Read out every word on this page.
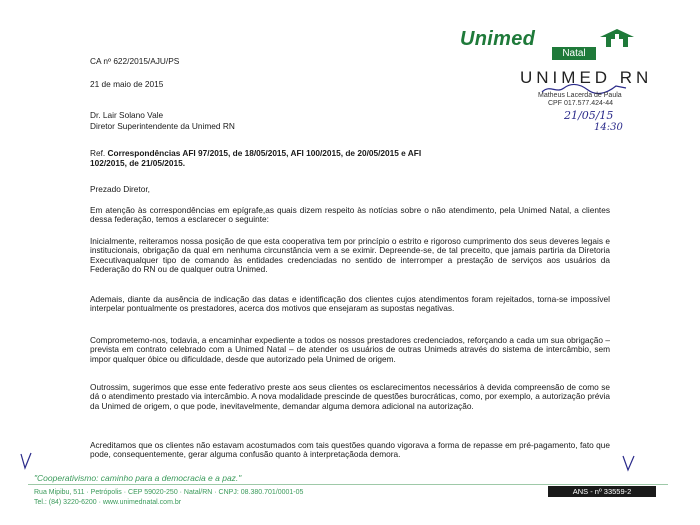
Unimed
Natal
UNIMED RN
Matheus Lacerda de Paula
CPF 017.577.424-44
21/05/15
14:30
CA nº 622/2015/AJU/PS
21 de maio de 2015
Dr. Lair Solano Vale
Diretor Superintendente da Unimed RN
Ref. Correspondências AFI 97/2015, de 18/05/2015, AFI 100/2015, de 20/05/2015 e AFI
102/2015, de 21/05/2015.
Prezado Diretor,
Em atenção às correspondências em epígrafe,as quais dizem respeito às notícias sobre o não atendimento, pela Unimed Natal, a clientes dessa federação, temos a esclarecer o seguinte:
Inicialmente, reiteramos nossa posição de que esta cooperativa tem por princípio o estrito e rigoroso cumprimento dos seus deveres legais e institucionais, obrigação da qual em nenhuma circunstância vem a se eximir. Depreende-se, de tal preceito, que jamais partiria da Diretoria Executivaqualquer tipo de comando às entidades credenciadas no sentido de interromper a prestação de serviços aos usuários da Federação do RN ou de qualquer outra Unimed.
Ademais, diante da ausência de indicação das datas e identificação dos clientes cujos atendimentos foram rejeitados, torna-se impossível interpelar pontualmente os prestadores, acerca dos motivos que ensejaram as supostas negativas.
Comprometemo-nos, todavia, a encaminhar expediente a todos os nossos prestadores credenciados, reforçando a cada um sua obrigação – prevista em contrato celebrado com a Unimed Natal – de atender os usuários de outras Unimeds através do sistema de intercâmbio, sem impor qualquer óbice ou dificuldade, desde que autorizado pela Unimed de origem.
Outrossim, sugerimos que esse ente federativo preste aos seus clientes os esclarecimentos necessários à devida compreensão de como se dá o atendimento prestado via intercâmbio. A nova modalidade prescinde de questões burocráticas, como, por exemplo, a autorização prévia da Unimed de origem, o que pode, inevitavelmente, demandar alguma demora adicional na autorização.
Acreditamos que os clientes não estavam acostumados com tais questões quando vigorava a forma de repasse em pré-pagamento, fato que pode, consequentemente, gerar alguma confusão quanto à interpretaçãoda demora.
"Cooperativismo: caminho para a democracia e a paz."
Rua Mipibu, 511 · Petrópolis · CEP 59020-250 · Natal/RN · CNPJ: 08.380.701/0001-05
Tel.: (84) 3220-6200 · www.unimednatal.com.br
ANS - nº 33559-2
